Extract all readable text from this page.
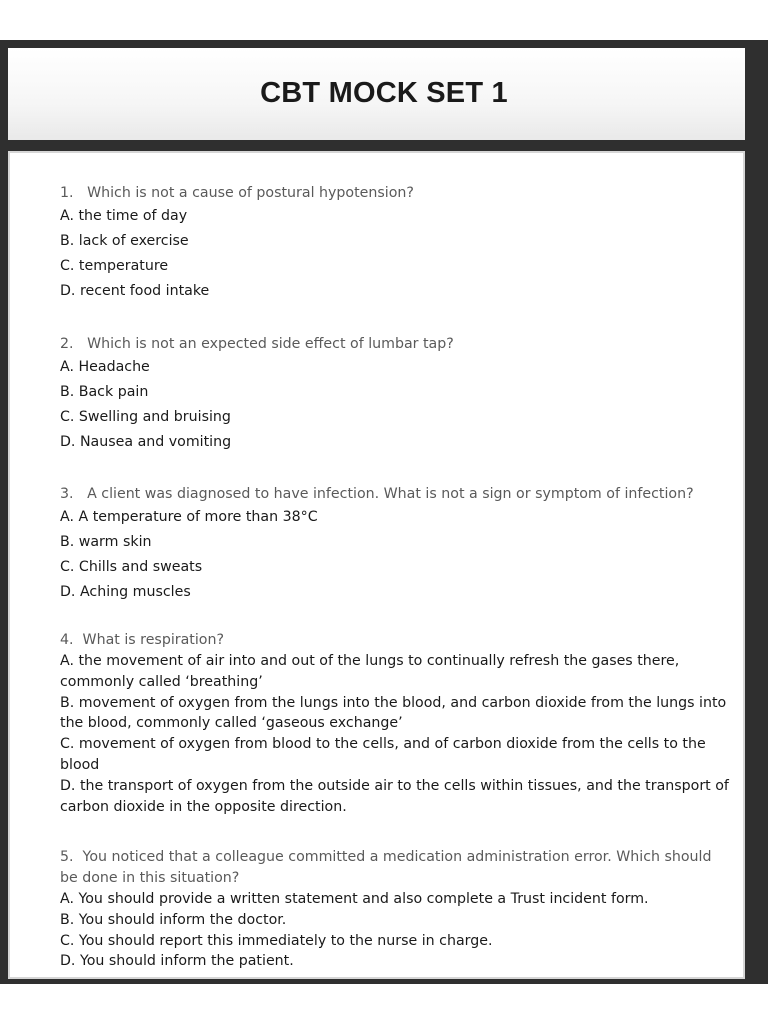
CBT MOCK SET 1

1.   Which is not a cause of postural hypotension?

A. the time of day

B. lack of exercise

C. temperature

D. recent food intake

2.   Which is not an expected side effect of lumbar tap?

A. Headache

B. Back pain

C. Swelling and bruising

D. Nausea and vomiting

3.   A client was diagnosed to have infection. What is not a sign or symptom of infection?

A. A temperature of more than 38°C

B. warm skin

C. Chills and sweats

D. Aching muscles

4.  What is respiration?

A. the movement of air into and out of the lungs to continually refresh the gases there, commonly called ‘breathing’

B. movement of oxygen from the lungs into the blood, and carbon dioxide from the lungs into the blood, commonly called ‘gaseous exchange’

C. movement of oxygen from blood to the cells, and of carbon dioxide from the cells to the blood

D. the transport of oxygen from the outside air to the cells within tissues, and the transport of carbon dioxide in the opposite direction.

5.  You noticed that a colleague committed a medication administration error. Which should be done in this situation?

A. You should provide a written statement and also complete a Trust incident form.

B. You should inform the doctor.

C. You should report this immediately to the nurse in charge.

D. You should inform the patient.
